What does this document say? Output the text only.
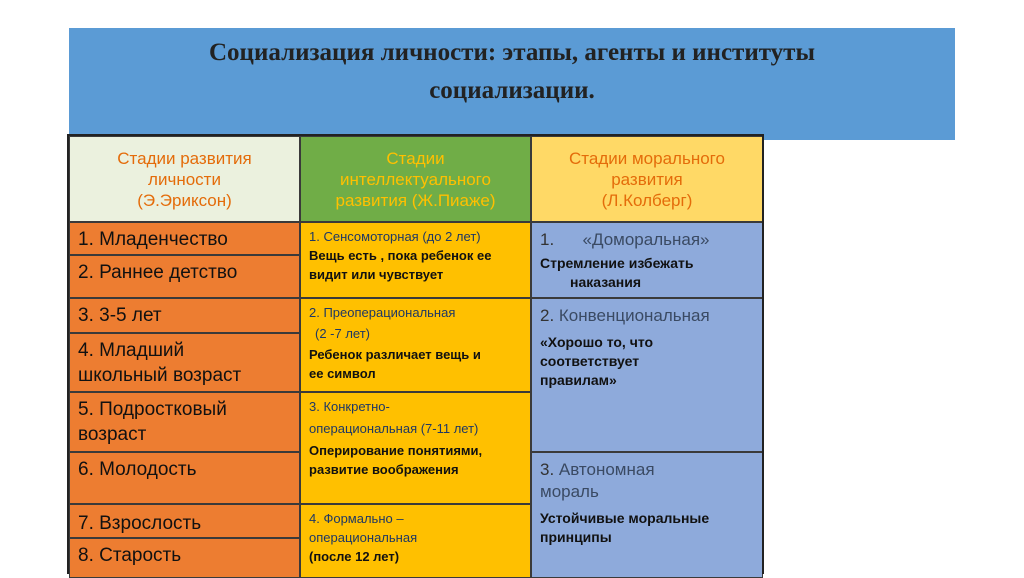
Социализация личности: этапы, агенты и институты
социализации.
Стадии развития
личности
(Э.Эриксон)
Стадии
интеллектуального
развития (Ж.Пиаже)
Стадии морального
развития
(Л.Колберг)
1. Младенчество
2. Раннее детство
3. 3-5 лет
4. Младший
школьный возраст
5. Подростковый
возраст
6. Молодость
7. Взрослость
8. Старость
1. Сенсомоторная (до 2 лет)
Вещь есть , пока ребенок ее
видит или чувствует
2. Преоперациональная
(2 -7 лет)
Ребенок различает вещь и
ее символ
3. Конкретно-
операциональная (7-11 лет)
Оперирование понятиями,
развитие воображения
4. Формально –
операциональная
(после 12 лет)
1.      «Доморальная»
Стремление избежать
наказания
2. Конвенциональная
«Хорошо то, что
соответствует
правилам»
3. Автономная
мораль
Устойчивые моральные
принципы
